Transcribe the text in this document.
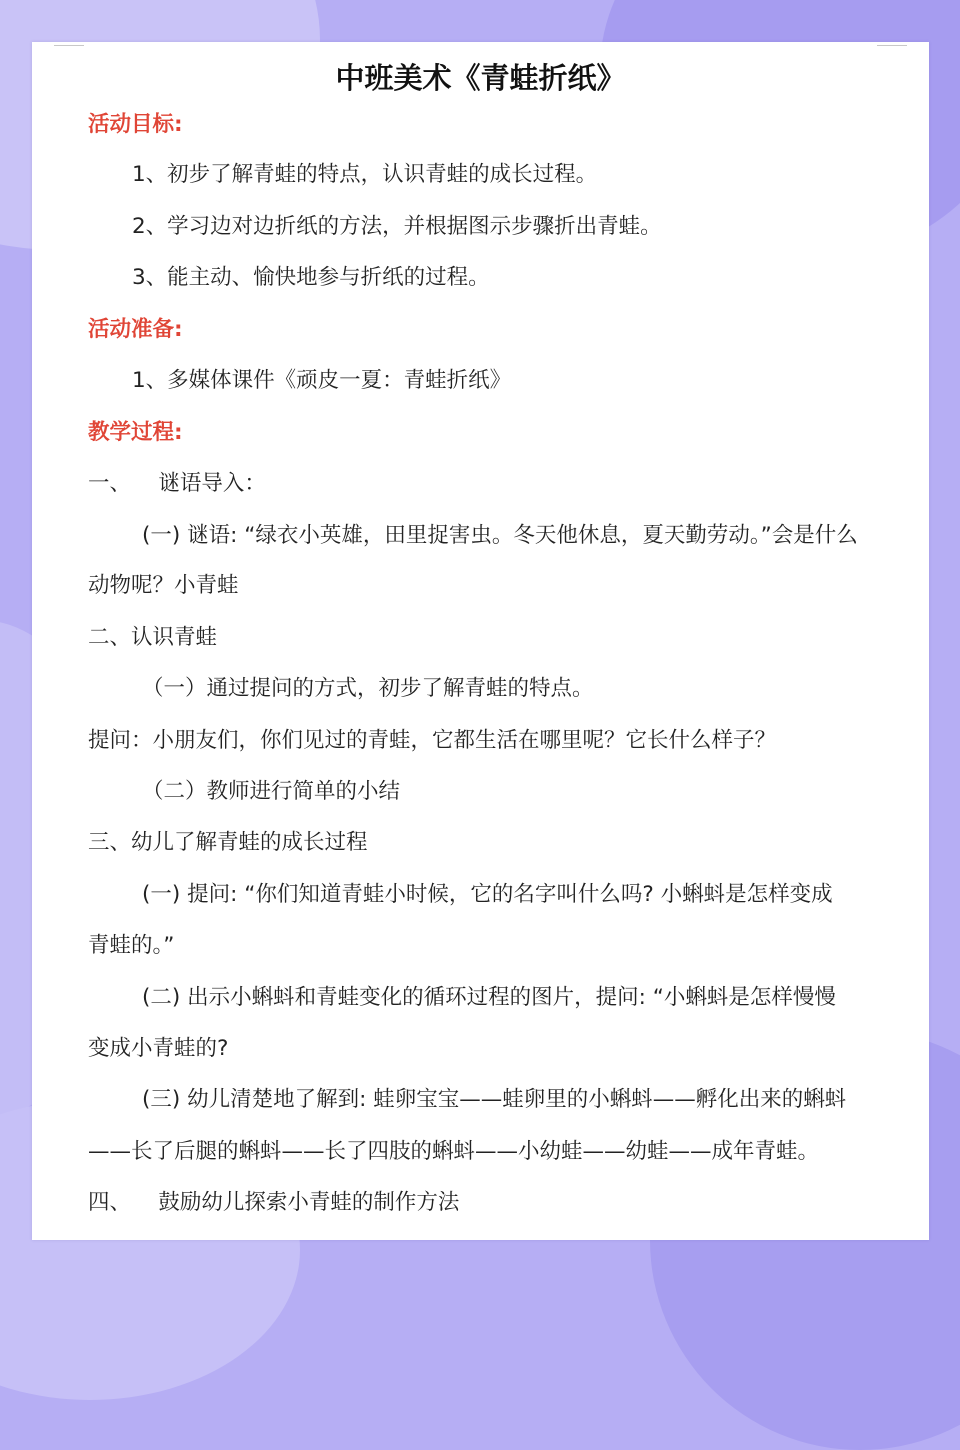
中班美术《青蛙折纸》
活动目标:
1、初步了解青蛙的特点，认识青蛙的成长过程。
2、学习边对边折纸的方法，并根据图示步骤折出青蛙。
3、能主动、愉快地参与折纸的过程。
活动准备:
1、多媒体课件《顽皮一夏：青蛙折纸》
教学过程:
一、    谜语导入：
(一) 谜语: “绿衣小英雄，田里捉害虫。冬天他休息，夏天勤劳动。”会是什么
动物呢？小青蛙
二、认识青蛙
（一）通过提问的方式，初步了解青蛙的特点。
提问：小朋友们，你们见过的青蛙，它都生活在哪里呢？它长什么样子？
（二）教师进行简单的小结
三、幼儿了解青蛙的成长过程
(一) 提问: “你们知道青蛙小时候，它的名字叫什么吗? 小蝌蚪是怎样变成
青蛙的。”
(二) 出示小蝌蚪和青蛙变化的循环过程的图片，提问: “小蝌蚪是怎样慢慢
变成小青蛙的?
(三) 幼儿清楚地了解到: 蛙卵宝宝——蛙卵里的小蝌蚪——孵化出来的蝌蚪
——长了后腿的蝌蚪——长了四肢的蝌蚪——小幼蛙——幼蛙——成年青蛙。
四、    鼓励幼儿探索小青蛙的制作方法
